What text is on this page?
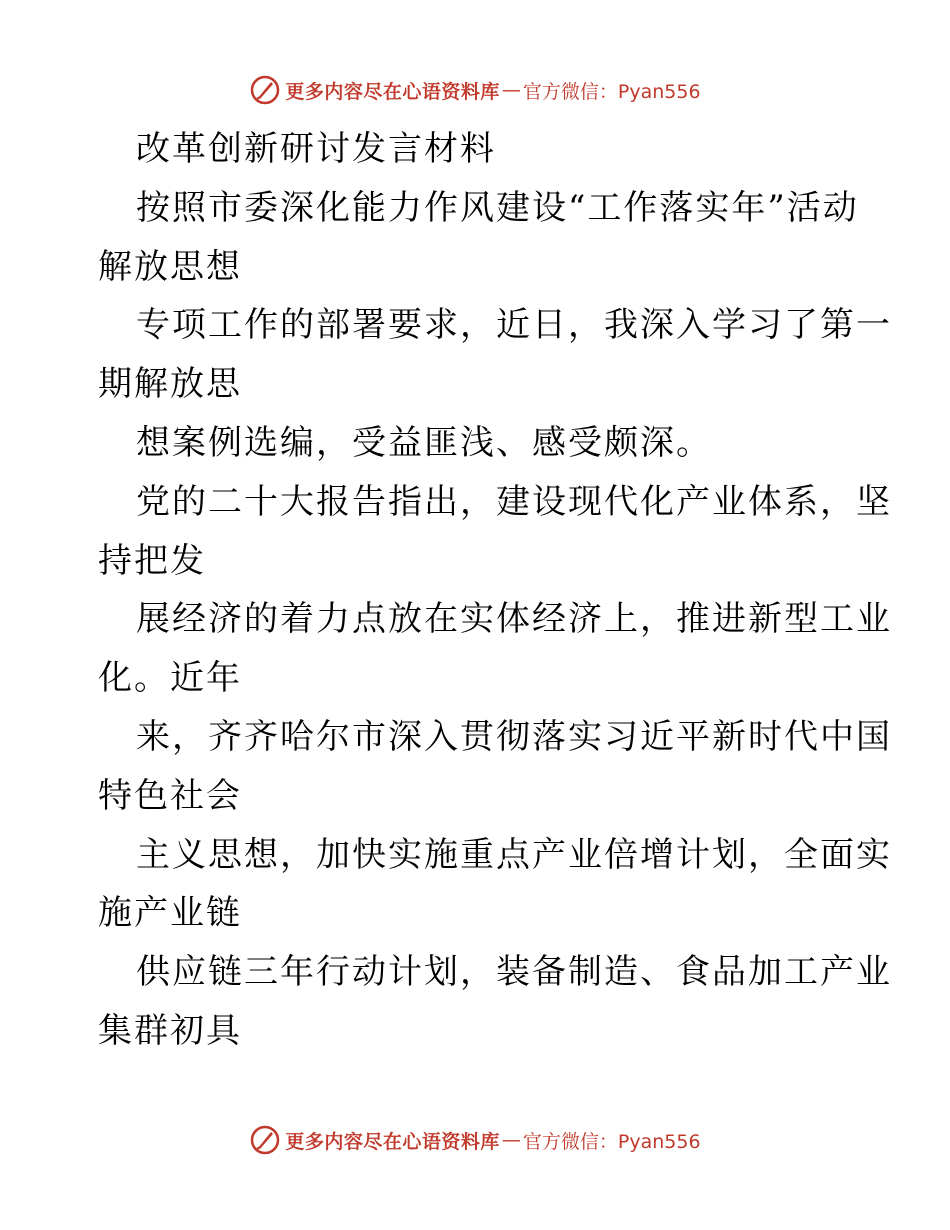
更多内容尽在心语资料库 — 官方微信：Pyan556
改革创新研讨发言材料
按照市委深化能力作风建设“工作落实年”活动
解放思想
专项工作的部署要求，近日，我深入学习了第一
期解放思
想案例选编，受益匪浅、感受颇深。
党的二十大报告指出，建设现代化产业体系，坚
持把发
展经济的着力点放在实体经济上，推进新型工业
化。近年
来，齐齐哈尔市深入贯彻落实习近平新时代中国
特色社会
主义思想，加快实施重点产业倍增计划，全面实
施产业链
供应链三年行动计划，装备制造、食品加工产业
集群初具
更多内容尽在心语资料库 — 官方微信：Pyan556
